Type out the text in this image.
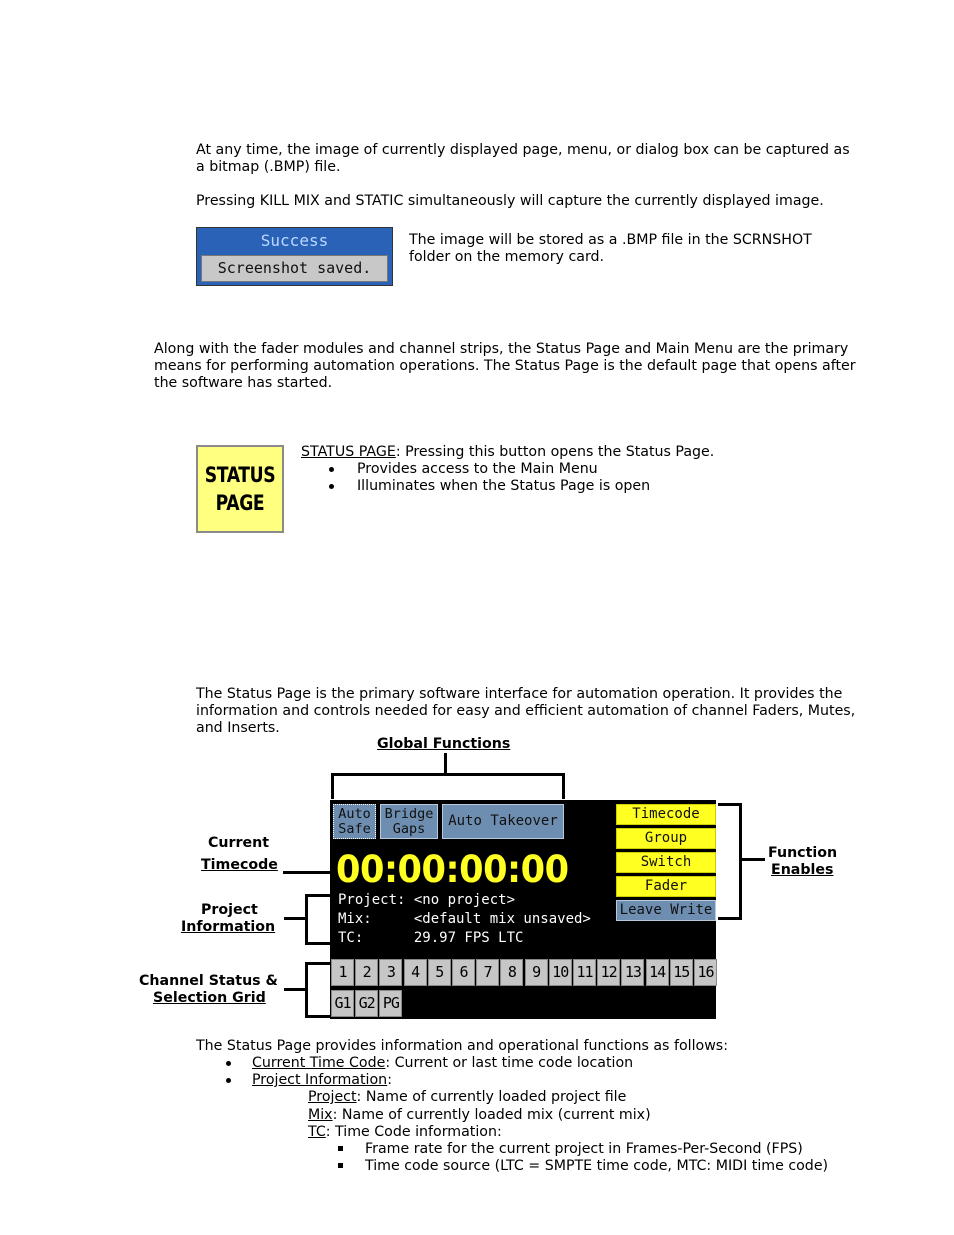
At any time, the image of currently displayed page, menu, or dialog box can be captured as

a bitmap (.BMP) file.

Pressing KILL MIX and STATIC simultaneously will capture the currently displayed image.

Success
Screenshot saved.

The image will be stored as a .BMP file in the SCRNSHOT

folder on the memory card.

Along with the fader modules and channel strips, the Status Page and Main Menu are the primary

means for performing automation operations. The Status Page is the default page that opens after

the software has started.

STATUS
PAGE

STATUS PAGE: Pressing this button opens the Status Page.

Provides access to the Main Menu

Illuminates when the Status Page is open

The Status Page is the primary software interface for automation operation. It provides the

information and controls needed for easy and efficient automation of channel Faders, Mutes,

and Inserts.

Global Functions
Current
Timecode
Project
Information
Channel Status &
Selection Grid
Function
Enables
Auto
Safe
Bridge
Gaps	Auto Takeover
00:00:00:00
Project: <no project>
Mix:     <default mix unsaved>
TC:      29.97 FPS LTC
Timecode
Group
Switch
Fader
Leave Write
1	2	3	4	5	6	7	8	9 10 11 12 13 14 15 16
G1 G2 PG

The Status Page provides information and operational functions as follows:

Current Time Code: Current or last time code location

Project Information:

Project: Name of currently loaded project file

Mix: Name of currently loaded mix (current mix)

TC: Time Code information:

Frame rate for the current project in Frames-Per-Second (FPS)

Time code source (LTC = SMPTE time code, MTC: MIDI time code)
